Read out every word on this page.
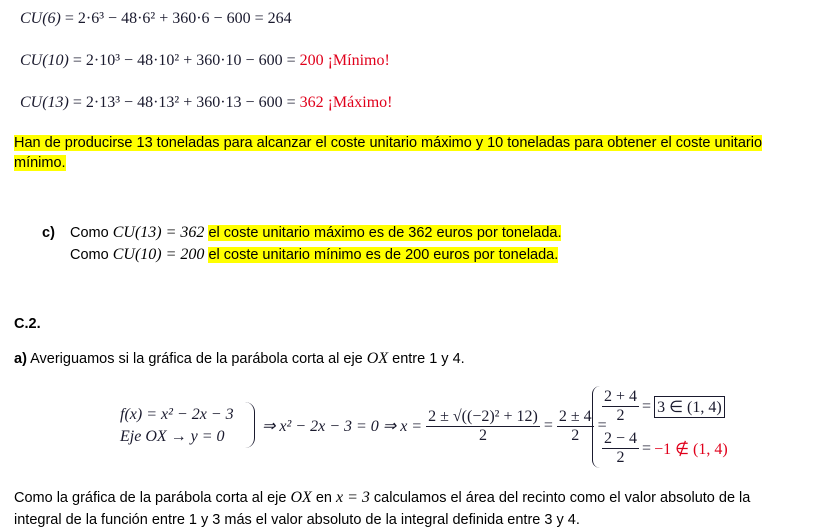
CU(6) = 2·6³ − 48·6² + 360·6 − 600 = 264
CU(10) = 2·10³ − 48·10² + 360·10 − 600 = 200 ¡Mínimo!
CU(13) = 2·13³ − 48·13² + 360·13 − 600 = 362 ¡Máximo!
Han de producirse 13 toneladas para alcanzar el coste unitario máximo y 10 toneladas para obtener el coste unitario
mínimo.
c) Como CU(13) = 362 el coste unitario máximo es de 362 euros por tonelada.
Como CU(10) = 200 el coste unitario mínimo es de 200 euros por tonelada.
C.2.
a) Averiguamos si la gráfica de la parábola corta al eje OX entre 1 y 4.
f(x) = x² − 2x − 3
Eje OX → y = 0
⇒ x² − 2x − 3 = 0 ⇒ $x = \frac{\text{2 ± √((−2)² + 12)}}{2} = \frac{2 \pm 4}{2}$ =
$\frac{2 + 4}{2} = 3$ ∈ (1, 4)
$\frac{2 - 4}{2} = -1$ ∉ (1, 4)
Como la gráfica de la parábola corta al eje OX en x = 3 calculamos el área del recinto como el valor absoluto de la
integral de la función entre 1 y 3 más el valor absoluto de la integral definida entre 3 y 4.
